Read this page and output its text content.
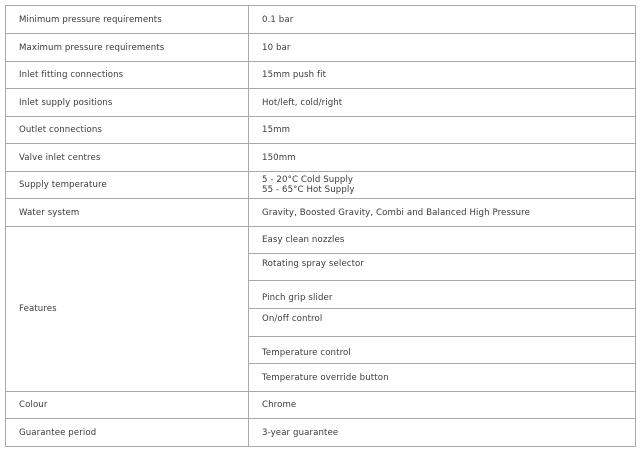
Minimum pressure requirements	0.1 bar
Maximum pressure requirements	10 bar
Inlet fitting connections	15mm push fit
Inlet supply positions	Hot/left, cold/right
Outlet connections	15mm
Valve inlet centres	150mm
Supply temperature	5 - 20°C Cold Supply
55 - 65°C Hot Supply

Water system	Gravity, Boosted Gravity, Combi and Balanced High Pressure
Features	Easy clean nozzles
	Rotating spray selector
	Pinch grip slider
	On/off control
	Temperature control
	Temperature override button
Colour	Chrome
Guarantee period	3-year guarantee
